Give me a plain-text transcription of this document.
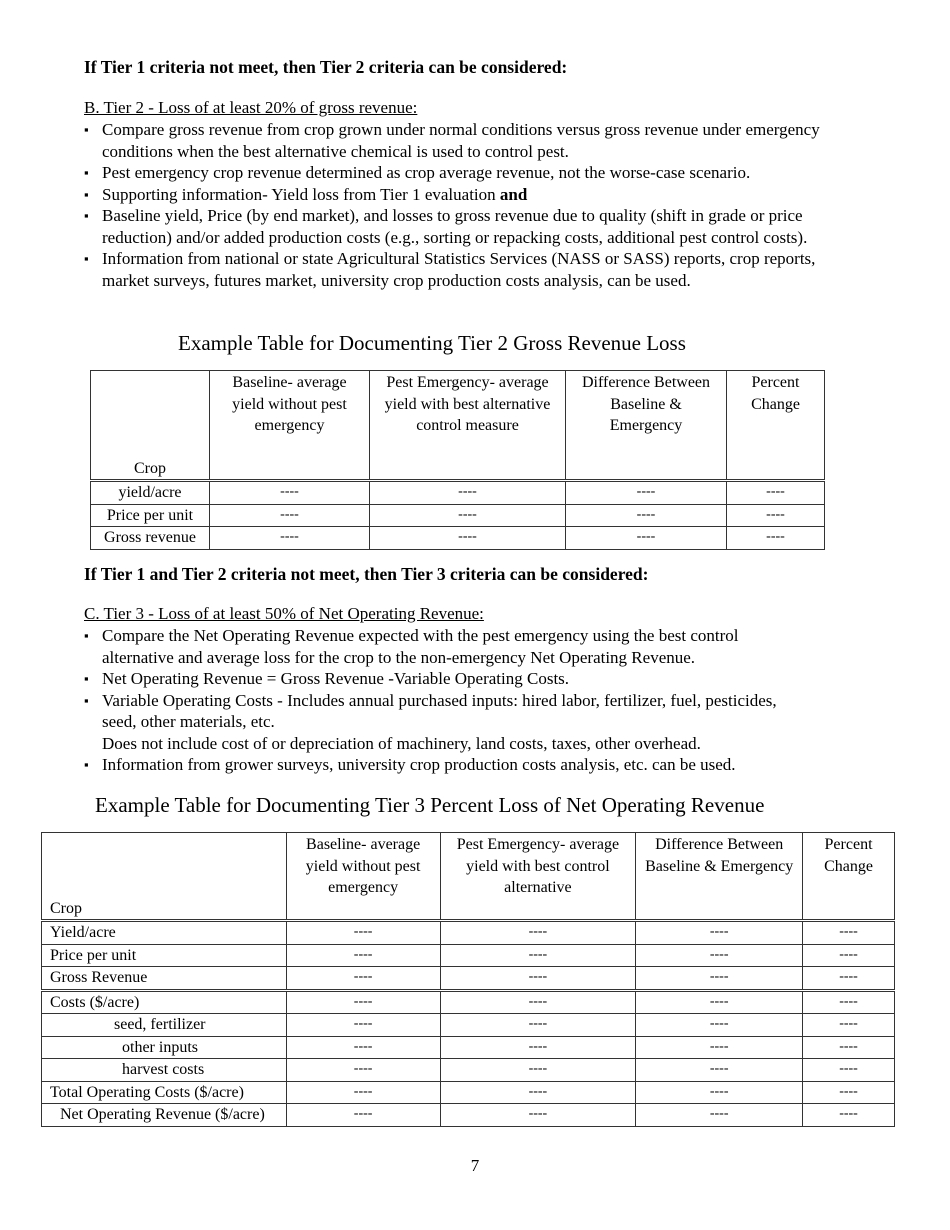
If Tier 1 criteria not meet, then Tier 2 criteria can be considered:
B. Tier 2 - Loss of at least 20% of gross revenue:
▪ Compare gross revenue from crop grown under normal conditions versus gross revenue under emergency conditions when the best alternative chemical is used to control pest.
▪ Pest emergency crop revenue determined as crop average revenue, not the worse-case scenario.
▪ Supporting information- Yield loss from Tier 1 evaluation and
▪ Baseline yield, Price (by end market), and losses to gross revenue due to quality (shift in grade or price reduction) and/or added production costs (e.g., sorting or repacking costs, additional pest control costs).
▪ Information from national or state Agricultural Statistics Services (NASS or SASS) reports, crop reports, market surveys, futures market, university crop production costs analysis, can be used.
Example Table for Documenting Tier 2 Gross Revenue Loss
Crop	Baseline- average yield without pest emergency	Pest Emergency- average yield with best alternative control measure	Difference Between Baseline & Emergency	Percent Change
yield/acre	----	----	----	----
Price per unit	----	----	----	----
Gross revenue	----	----	----	----
If Tier 1 and Tier 2 criteria not meet, then Tier 3 criteria can be considered:
C. Tier 3 - Loss of at least 50% of Net Operating Revenue:
▪ Compare the Net Operating Revenue expected with the pest emergency using the best control alternative and average loss for the crop to the non-emergency Net Operating Revenue.
▪ Net Operating Revenue = Gross Revenue -Variable Operating Costs.
▪ Variable Operating Costs - Includes annual purchased inputs: hired labor, fertilizer, fuel, pesticides, seed, other materials, etc.
Does not include cost of or depreciation of machinery, land costs, taxes, other overhead.
▪ Information from grower surveys, university crop production costs analysis, etc. can be used.
Example Table for Documenting Tier 3 Percent Loss of Net Operating Revenue
Crop	Baseline- average yield without pest emergency	Pest Emergency- average yield with best control alternative	Difference Between Baseline & Emergency	Percent Change
Yield/acre	----	----	----	----
Price per unit	----	----	----	----
Gross Revenue	----	----	----	----
Costs ($/acre)	----	----	----	----
seed, fertilizer	----	----	----	----
other inputs	----	----	----	----
harvest costs	----	----	----	----
Total Operating Costs ($/acre)	----	----	----	----
Net Operating Revenue ($/acre)	----	----	----	----
7
